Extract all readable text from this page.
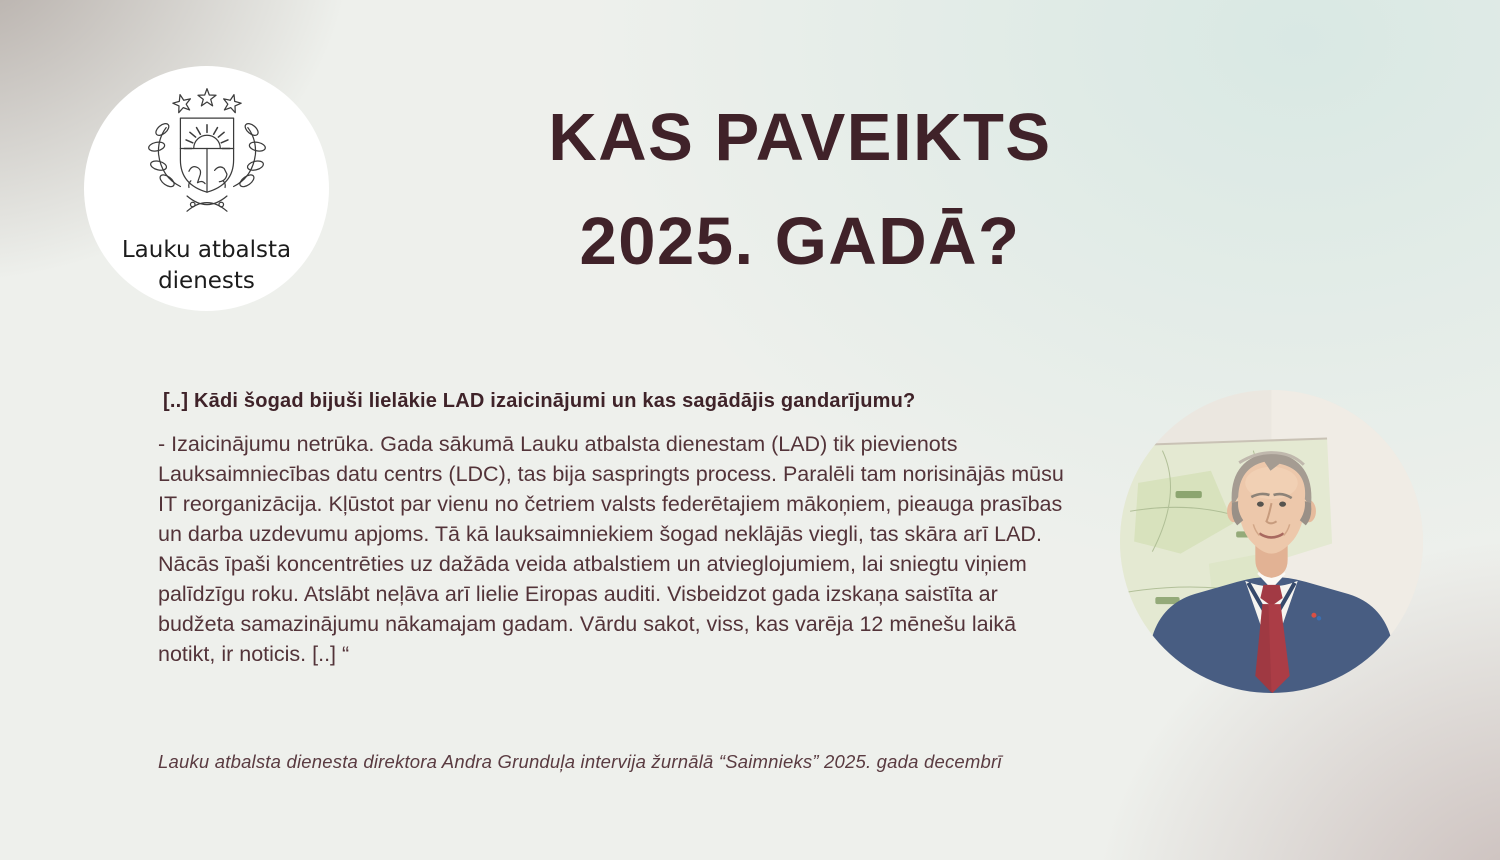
Lauku atbalsta
dienests
KAS PAVEIKTS
2025. GADĀ?
[..] Kādi šogad bijuši lielākie LAD izaicinājumi un kas sagādājis gandarījumu?
- Izaicinājumu netrūka. Gada sākumā Lauku atbalsta dienestam (LAD) tik pievienots Lauksaimniecības datu centrs (LDC), tas bija saspringts process. Paralēli tam norisinājās mūsu IT reorganizācija. Kļūstot par vienu no četriem valsts federētajiem mākoņiem, pieauga prasības un darba uzdevumu apjoms. Tā kā lauksaimniekiem šogad neklājās viegli, tas skāra arī LAD. Nācās īpaši koncentrēties uz dažāda veida atbalstiem un atvieglojumiem, lai sniegtu viņiem palīdzīgu roku. Atslābt neļāva arī lielie Eiropas auditi. Visbeidzot gada izskaņa saistīta ar budžeta samazinājumu nākamajam gadam. Vārdu sakot, viss, kas varēja 12 mēnešu laikā notikt, ir noticis. [..] “
Lauku atbalsta dienesta direktora Andra Grunduļa intervija žurnālā “Saimnieks” 2025. gada decembrī
